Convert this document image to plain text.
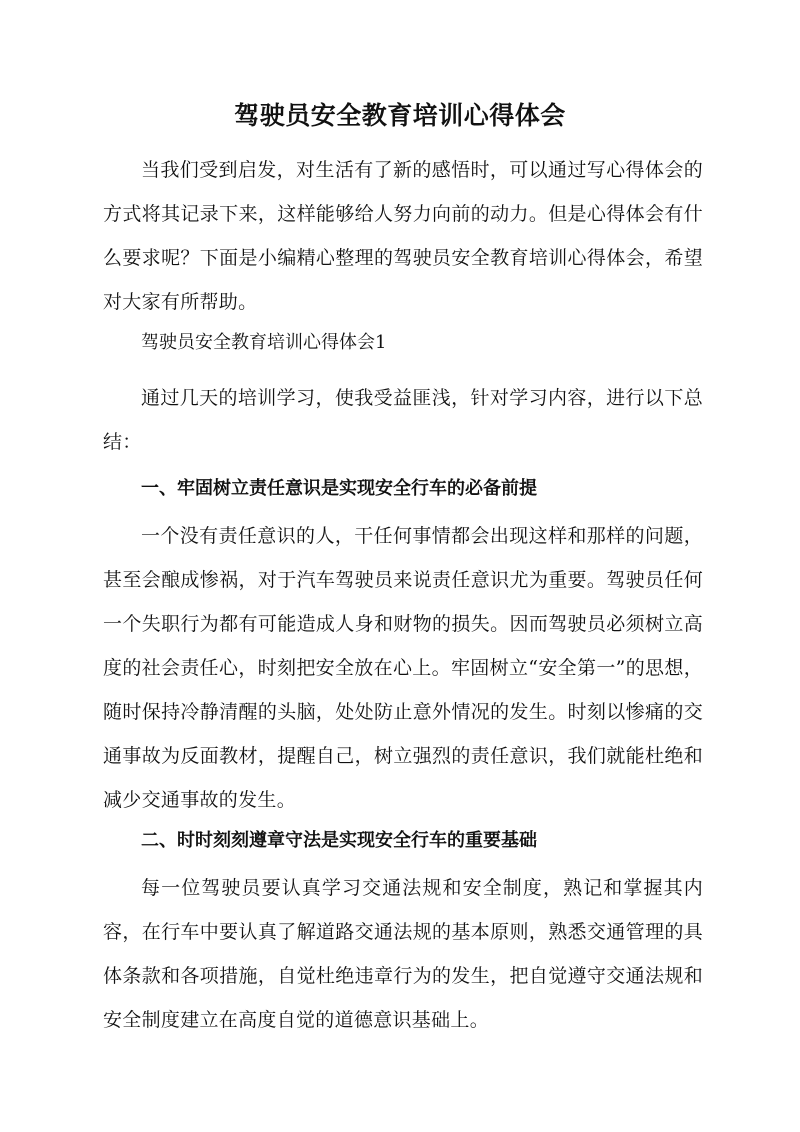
驾驶员安全教育培训心得体会

当我们受到启发，对生活有了新的感悟时，可以通过写心得体会的方式将其记录下来，这样能够给人努力向前的动力。但是心得体会有什么要求呢？下面是小编精心整理的驾驶员安全教育培训心得体会，希望对大家有所帮助。

驾驶员安全教育培训心得体会1

通过几天的培训学习，使我受益匪浅，针对学习内容，进行以下总结：

一、牢固树立责任意识是实现安全行车的必备前提

一个没有责任意识的人，干任何事情都会出现这样和那样的问题，甚至会酿成惨祸，对于汽车驾驶员来说责任意识尤为重要。驾驶员任何一个失职行为都有可能造成人身和财物的损失。因而驾驶员必须树立高度的社会责任心，时刻把安全放在心上。牢固树立“安全第一”的思想，随时保持冷静清醒的头脑，处处防止意外情况的发生。时刻以惨痛的交通事故为反面教材，提醒自己，树立强烈的责任意识，我们就能杜绝和减少交通事故的发生。

二、时时刻刻遵章守法是实现安全行车的重要基础

每一位驾驶员要认真学习交通法规和安全制度，熟记和掌握其内容，在行车中要认真了解道路交通法规的基本原则，熟悉交通管理的具体条款和各项措施，自觉杜绝违章行为的发生，把自觉遵守交通法规和安全制度建立在高度自觉的道德意识基础上。
